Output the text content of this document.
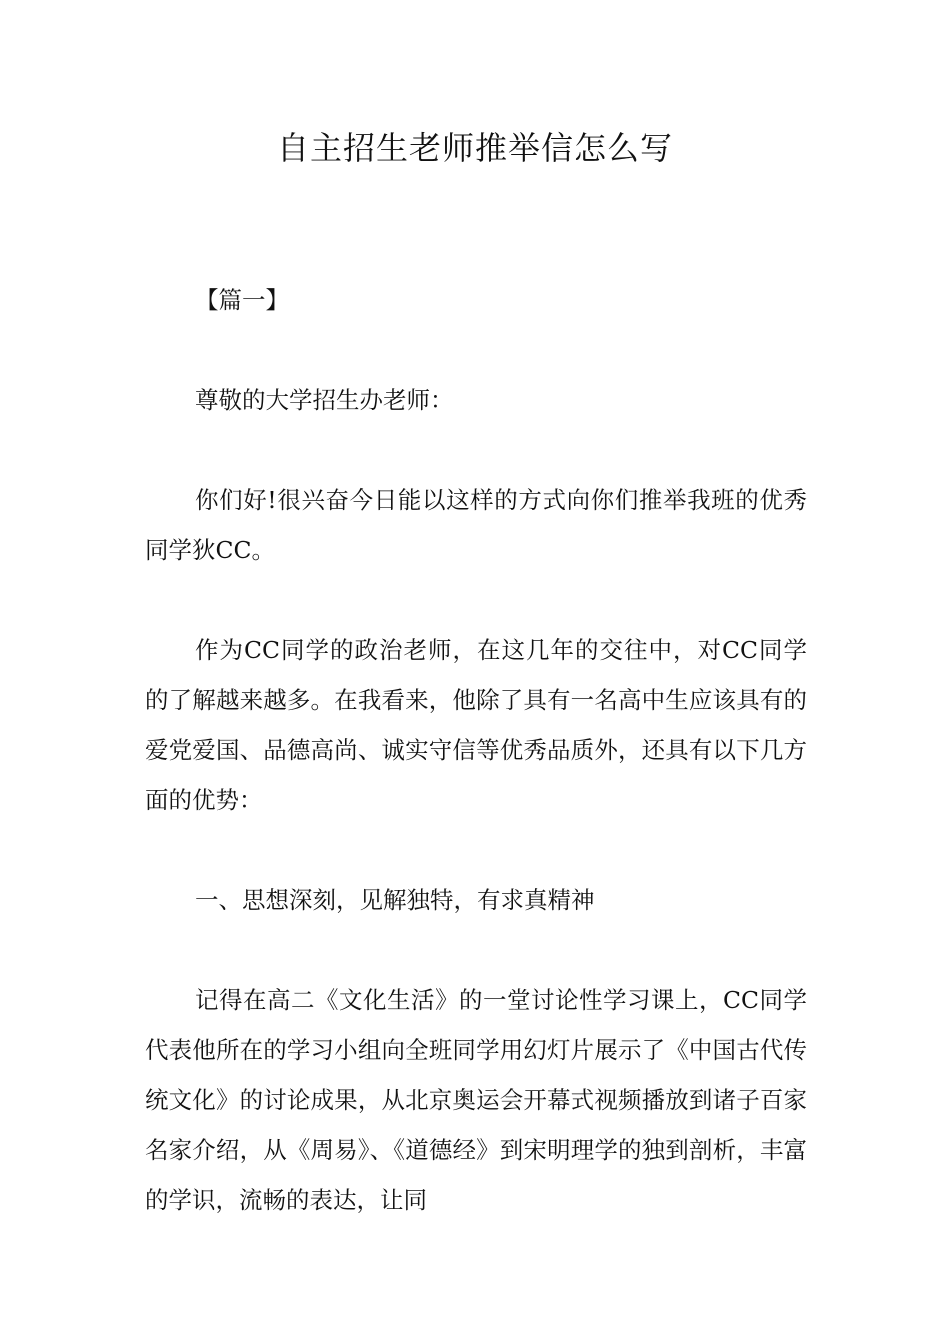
自主招生老师推举信怎么写

【篇一】

尊敬的大学招生办老师：

你们好!很兴奋今日能以这样的方式向你们推举我班的优秀同学狄CC。

作为CC同学的政治老师，在这几年的交往中，对CC同学的了解越来越多。在我看来，他除了具有一名高中生应该具有的爱党爱国、品德高尚、诚实守信等优秀品质外，还具有以下几方面的优势：

一、思想深刻，见解独特，有求真精神

记得在高二《文化生活》的一堂讨论性学习课上，CC同学代表他所在的学习小组向全班同学用幻灯片展示了《中国古代传统文化》的讨论成果，从北京奥运会开幕式视频播放到诸子百家名家介绍，从《周易》、《道德经》到宋明理学的独到剖析，丰富的学识，流畅的表达，让同
